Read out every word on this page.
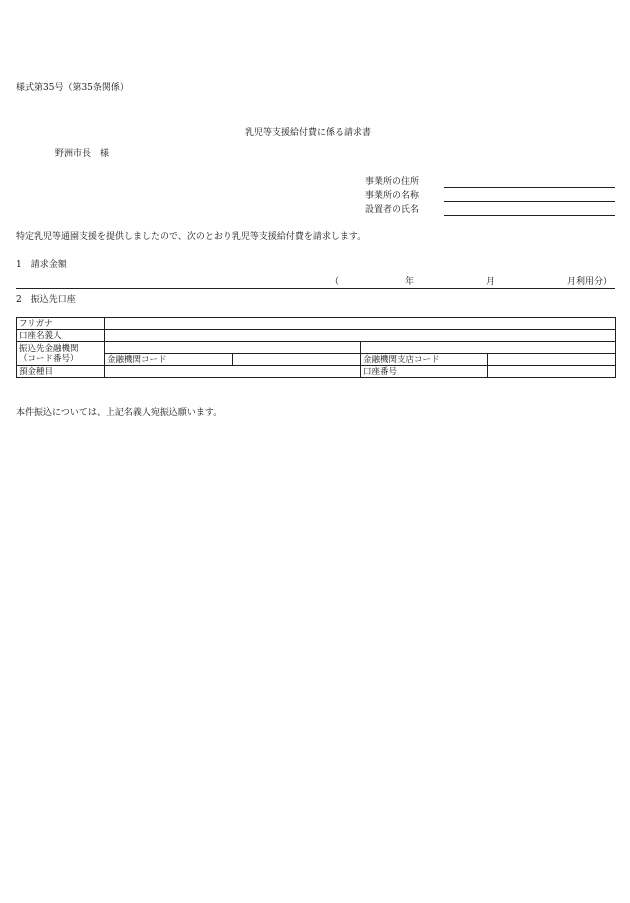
様式第35号（第35条関係）
乳児等支援給付費に係る請求書
野洲市長　様
事業所の住所
事業所の名称
設置者の氏名
特定乳児等通園支援を提供しましたので、次のとおり乳児等支援給付費を請求します。
1　請求金額
（	年	月	月利用分）
2　振込先口座
フリガナ				
口座名義人				

振込先金融機関
（コード番号）				

	金融機関コード		金融機関支店コード	
預金種目			口座番号	
本件振込については、上記名義人宛振込願います。
